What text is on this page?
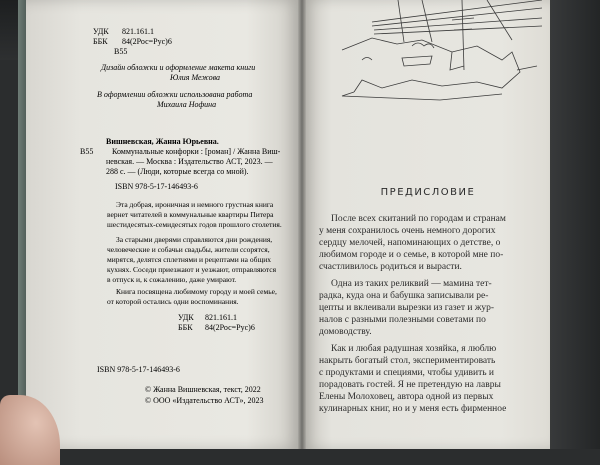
УДК 821.161.1
ББК 84(2Рос=Рус)6
В55
Дизайн обложки и оформление макета книги
Юлия Межова
В оформлении обложки использована работа
Михаила Нофина
В55
Вишневская, Жанна Юрьевна.
Коммунальные конфорки : [роман] / Жанна Виш-
невская. — Москва : Издательство АСТ, 2023. —
288 с. — (Люди, которые всегда со мной).
ISBN 978-5-17-146493-6
Эта добрая, ироничная и немного грустная книга
вернет читателей в коммунальные квартиры Питера
шестидесятых-семидесятых годов прошлого столетия.
За старыми дверями справляются дни рождения,
человеческие и собачьи свадьбы, жители ссорятся,
мирятся, делятся сплетнями и рецептами на общих
кухнях. Соседи приезжают и уезжают, отправляются
в отпуск и, к сожалению, даже умирают.
Книга посвящена любимому городу и моей семье,
от которой остались одни воспоминания.
УДК 821.161.1
ББК 84(2Рос=Рус)6
ISBN 978-5-17-146493-6
© Жанна Вишневская, текст, 2022
© ООО «Издательство АСТ», 2023
ПРЕДИСЛОВИЕ
После всех скитаний по городам и странам
у меня сохранилось очень немного дорогих
сердцу мелочей, напоминающих о детстве, о
любимом городе и о семье, в которой мне по-
счастливилось родиться и вырасти.
Одна из таких реликвий — мамина тет-
радка, куда она и бабушка записывали ре-
цепты и вклеивали вырезки из газет и жур-
налов с разными полезными советами по
домоводству.
Как и любая радушная хозяйка, я люблю
накрыть богатый стол, экспериментировать
с продуктами и специями, чтобы удивить и
порадовать гостей. Я не претендую на лавры
Елены Молоховец, автора одной из первых
кулинарных книг, но и у меня есть фирменное
